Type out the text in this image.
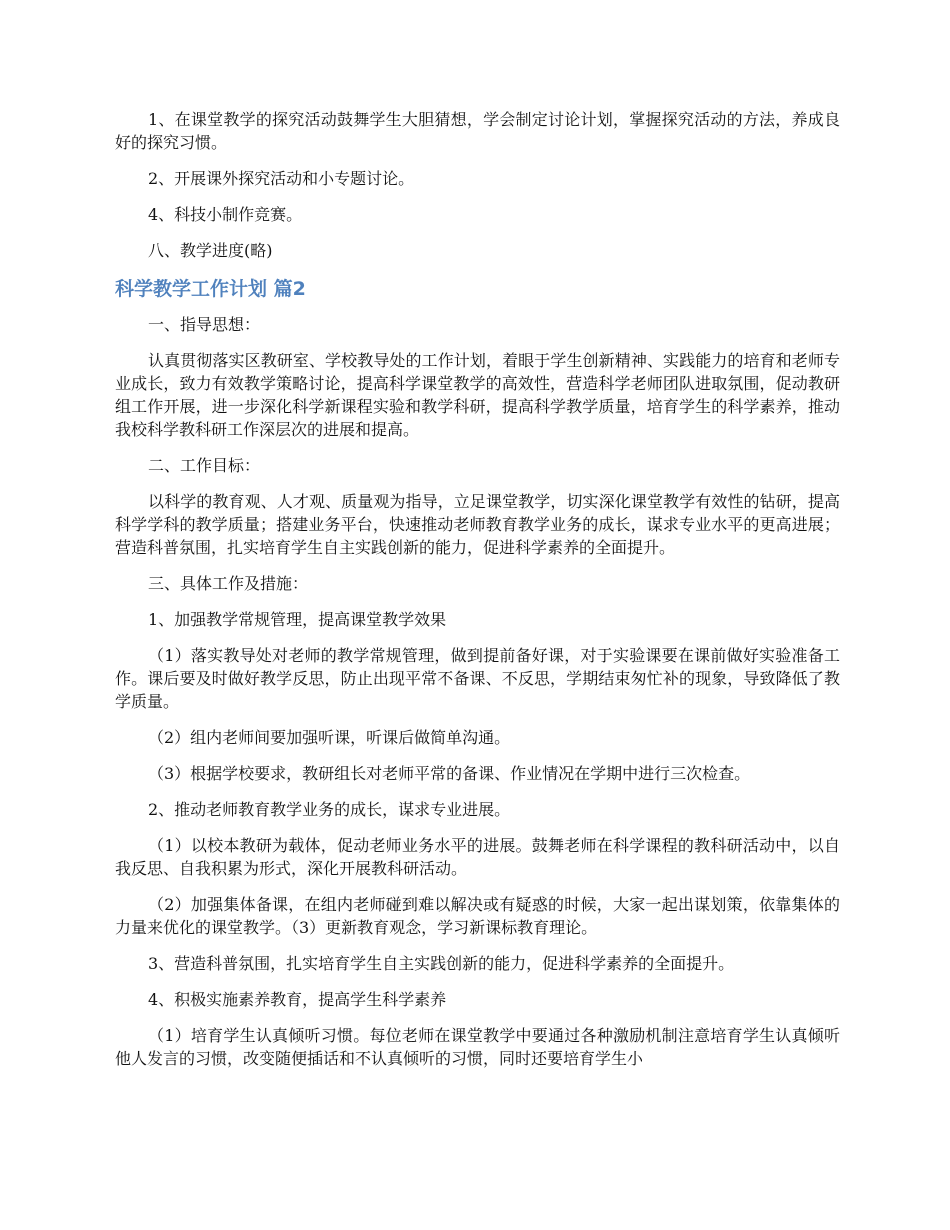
1、在课堂教学的探究活动鼓舞学生大胆猜想，学会制定讨论计划，掌握探究活动的方法，养成良好的探究习惯。

2、开展课外探究活动和小专题讨论。

4、科技小制作竞赛。

八、教学进度(略)

科学教学工作计划 篇2

一、指导思想：

认真贯彻落实区教研室、学校教导处的工作计划，着眼于学生创新精神、实践能力的培育和老师专业成长，致力有效教学策略讨论，提高科学课堂教学的高效性，营造科学老师团队进取氛围，促动教研组工作开展，进一步深化科学新课程实验和教学科研，提高科学教学质量，培育学生的科学素养，推动我校科学教科研工作深层次的进展和提高。

二、工作目标：

以科学的教育观、人才观、质量观为指导，立足课堂教学，切实深化课堂教学有效性的钻研，提高科学学科的教学质量；搭建业务平台，快速推动老师教育教学业务的成长，谋求专业水平的更高进展；营造科普氛围，扎实培育学生自主实践创新的能力，促进科学素养的全面提升。

三、具体工作及措施：

1、加强教学常规管理，提高课堂教学效果

（1）落实教导处对老师的教学常规管理，做到提前备好课，对于实验课要在课前做好实验准备工作。课后要及时做好教学反思，防止出现平常不备课、不反思，学期结束匆忙补的现象，导致降低了教学质量。

（2）组内老师间要加强听课，听课后做简单沟通。

（3）根据学校要求，教研组长对老师平常的备课、作业情况在学期中进行三次检查。

2、推动老师教育教学业务的成长，谋求专业进展。

（1）以校本教研为载体，促动老师业务水平的进展。鼓舞老师在科学课程的教科研活动中，以自我反思、自我积累为形式，深化开展教科研活动。

（2）加强集体备课，在组内老师碰到难以解决或有疑惑的时候，大家一起出谋划策，依靠集体的力量来优化的课堂教学。（3）更新教育观念，学习新课标教育理论。

3、营造科普氛围，扎实培育学生自主实践创新的能力，促进科学素养的全面提升。

4、积极实施素养教育，提高学生科学素养

（1）培育学生认真倾听习惯。每位老师在课堂教学中要通过各种激励机制注意培育学生认真倾听他人发言的习惯，改变随便插话和不认真倾听的习惯，同时还要培育学生小
